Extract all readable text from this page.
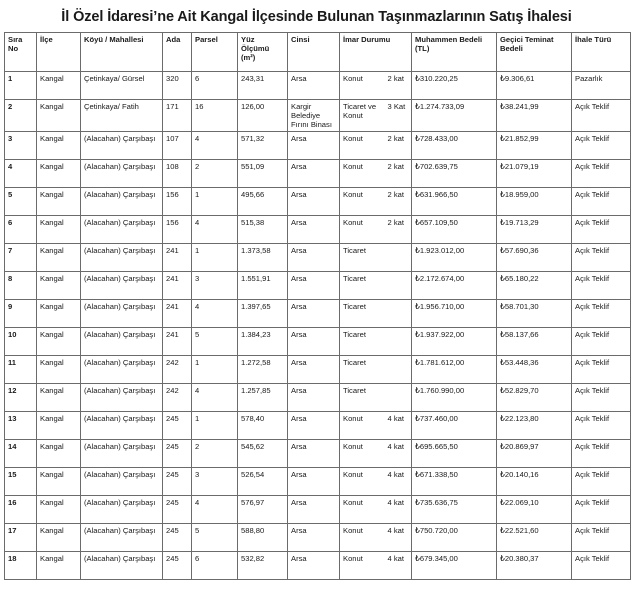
İl Özel İdaresi’ne Ait Kangal İlçesinde Bulunan Taşınmazlarının Satış İhalesi
Sıra No	İlçe	Köyü / Mahallesi	Ada	Parsel	Yüz Ölçümü (m²)	Cinsi	İmar Durumu		Muhammen Bedeli (TL)	Geçici Teminat Bedeli	İhale Türü
1	Kangal	Çetinkaya/ Gürsel	320	6	243,31	Arsa	Konut	2 kat	₺310.220,25	₺9.306,61	Pazarlık
2	Kangal	Çetinkaya/ Fatih	171	16	126,00	Kargir Belediye Fırını Binası	Ticaret ve Konut	3 Kat	₺1.274.733,09	₺38.241,99	Açık Teklif
3	Kangal	(Alacahan) Çarşıbaşı	107	4	571,32	Arsa	Konut	2 kat	₺728.433,00	₺21.852,99	Açık Teklif
4	Kangal	(Alacahan) Çarşıbaşı	108	2	551,09	Arsa	Konut	2 kat	₺702.639,75	₺21.079,19	Açık Teklif
5	Kangal	(Alacahan) Çarşıbaşı	156	1	495,66	Arsa	Konut	2 kat	₺631.966,50	₺18.959,00	Açık Teklif
6	Kangal	(Alacahan) Çarşıbaşı	156	4	515,38	Arsa	Konut	2 kat	₺657.109,50	₺19.713,29	Açık Teklif
7	Kangal	(Alacahan) Çarşıbaşı	241	1	1.373,58	Arsa	Ticaret		₺1.923.012,00	₺57.690,36	Açık Teklif
8	Kangal	(Alacahan) Çarşıbaşı	241	3	1.551,91	Arsa	Ticaret		₺2.172.674,00	₺65.180,22	Açık Teklif
9	Kangal	(Alacahan) Çarşıbaşı	241	4	1.397,65	Arsa	Ticaret		₺1.956.710,00	₺58.701,30	Açık Teklif
10	Kangal	(Alacahan) Çarşıbaşı	241	5	1.384,23	Arsa	Ticaret		₺1.937.922,00	₺58.137,66	Açık Teklif
11	Kangal	(Alacahan) Çarşıbaşı	242	1	1.272,58	Arsa	Ticaret		₺1.781.612,00	₺53.448,36	Açık Teklif
12	Kangal	(Alacahan) Çarşıbaşı	242	4	1.257,85	Arsa	Ticaret		₺1.760.990,00	₺52.829,70	Açık Teklif
13	Kangal	(Alacahan) Çarşıbaşı	245	1	578,40	Arsa	Konut	4 kat	₺737.460,00	₺22.123,80	Açık Teklif
14	Kangal	(Alacahan) Çarşıbaşı	245	2	545,62	Arsa	Konut	4 kat	₺695.665,50	₺20.869,97	Açık Teklif
15	Kangal	(Alacahan) Çarşıbaşı	245	3	526,54	Arsa	Konut	4 kat	₺671.338,50	₺20.140,16	Açık Teklif
16	Kangal	(Alacahan) Çarşıbaşı	245	4	576,97	Arsa	Konut	4 kat	₺735.636,75	₺22.069,10	Açık Teklif
17	Kangal	(Alacahan) Çarşıbaşı	245	5	588,80	Arsa	Konut	4 kat	₺750.720,00	₺22.521,60	Açık Teklif
18	Kangal	(Alacahan) Çarşıbaşı	245	6	532,82	Arsa	Konut	4 kat	₺679.345,00	₺20.380,37	Açık Teklif
